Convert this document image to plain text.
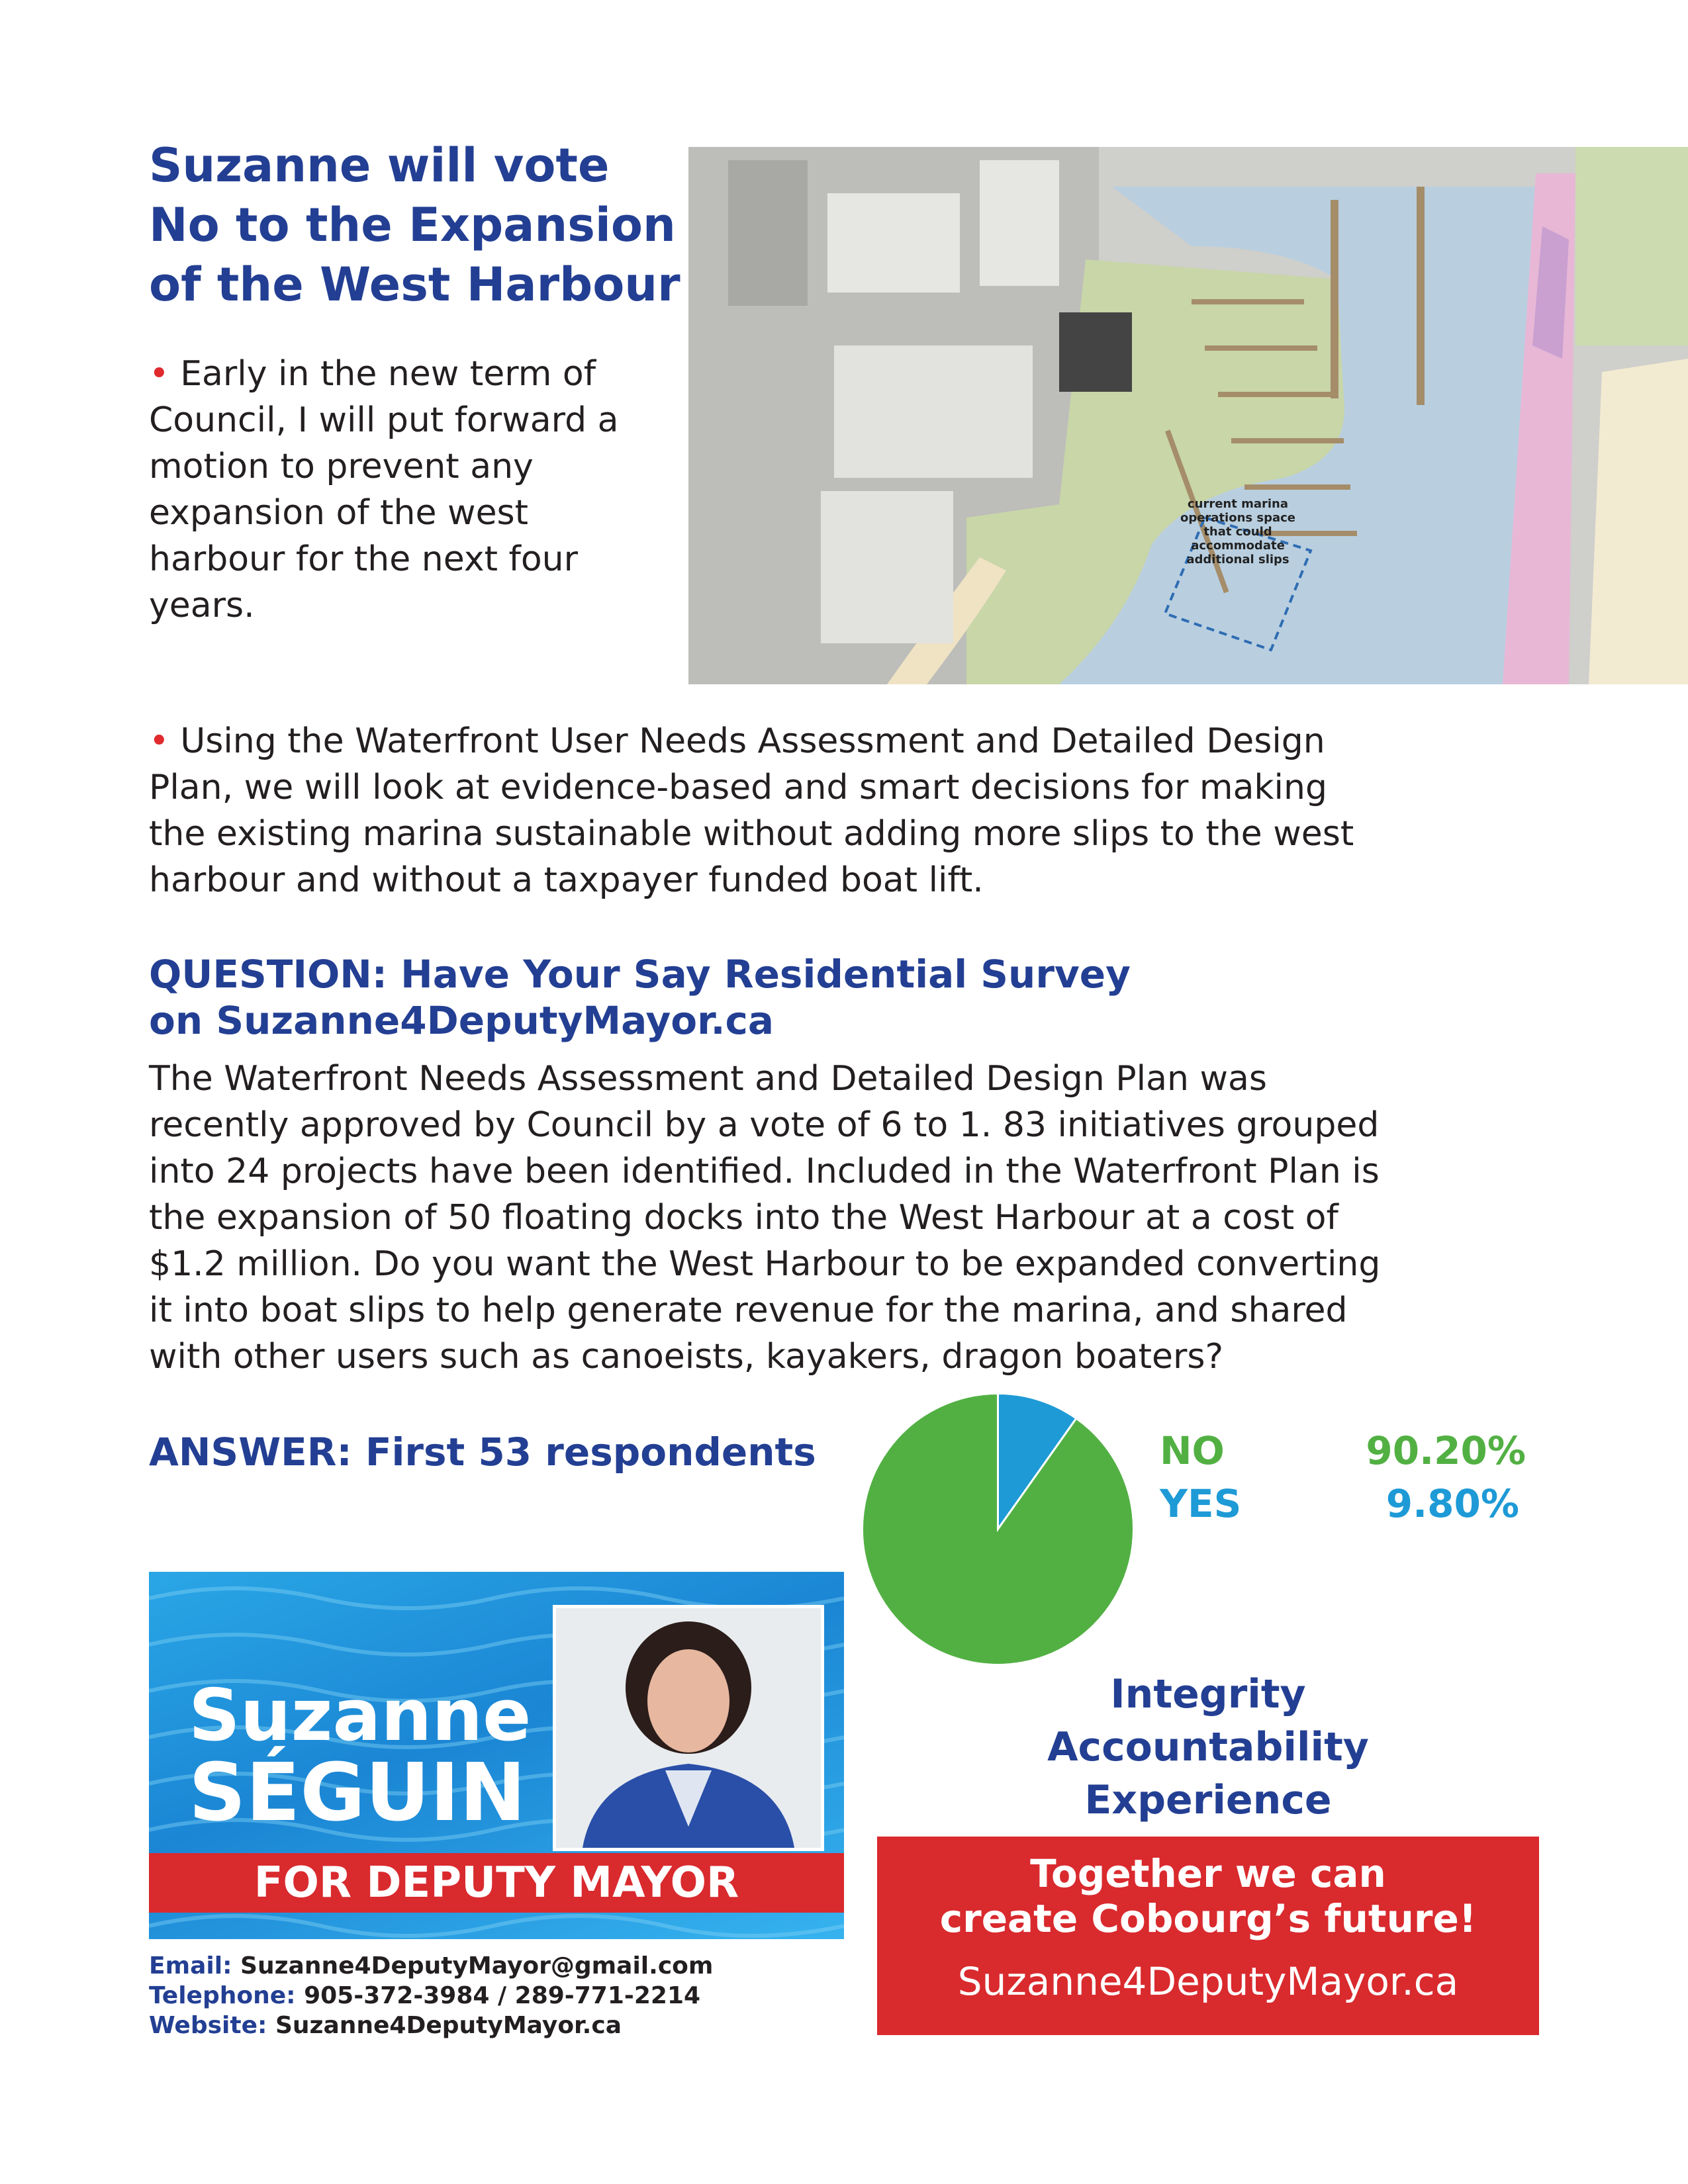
Suzanne will vote
No to the Expansion
of the West Harbour
• Early in the new term of
Council, I will put forward a
motion to prevent any
expansion of the west
harbour for the next four
years.
current marina
operations space
that could
accommodate
additional slips
• Using the Waterfront User Needs Assessment and Detailed Design
Plan, we will look at evidence-based and smart decisions for making
the existing marina sustainable without adding more slips to the west
harbour and without a taxpayer funded boat lift.
QUESTION: Have Your Say Residential Survey
on Suzanne4DeputyMayor.ca
The Waterfront Needs Assessment and Detailed Design Plan was
recently approved by Council by a vote of 6 to 1. 83 initiatives grouped
into 24 projects have been identified. Included in the Waterfront Plan is
the expansion of 50 floating docks into the West Harbour at a cost of
$1.2 million. Do you want the West Harbour to be expanded converting
it into boat slips to help generate revenue for the marina, and shared
with other users such as canoeists, kayakers, dragon boaters?
ANSWER: First 53 respondents	NO	90.20%
YES	9.80%
Suzanne
SÉGUIN
FOR DEPUTY MAYOR
Email: Suzanne4DeputyMayor@gmail.com
Telephone: 905-372-3984 / 289-771-2214
Website: Suzanne4DeputyMayor.ca
Integrity
Accountability
Experience
Together we can
create Cobourg’s future!
Suzanne4DeputyMayor.ca
